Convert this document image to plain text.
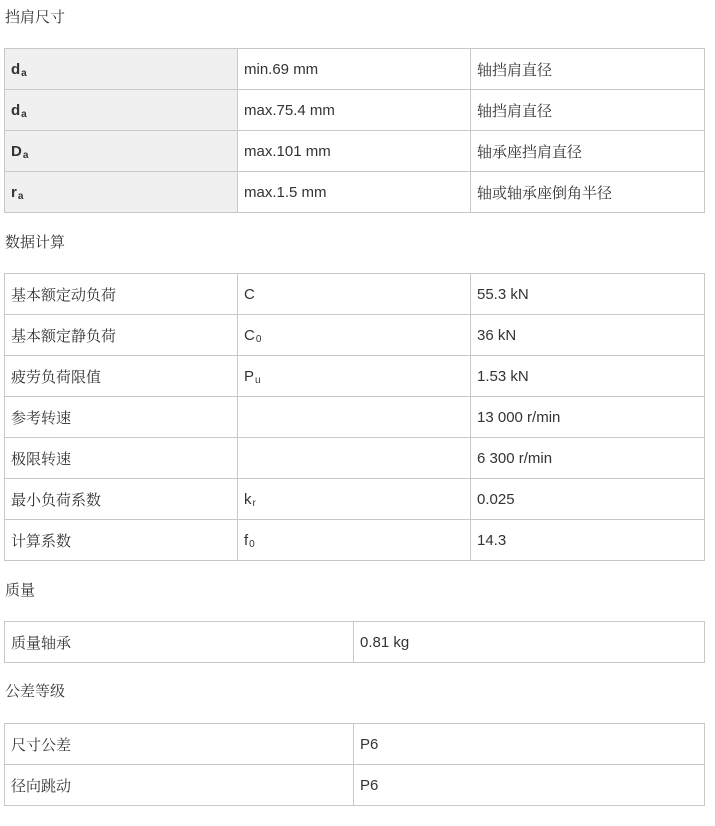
挡肩尺寸
da	min.69 mm	轴挡肩直径
da	max.75.4 mm	轴挡肩直径
Da	max.101 mm	轴承座挡肩直径
ra	max.1.5 mm	轴或轴承座倒角半径
数据计算
基本额定动负荷	C	55.3 kN
基本额定静负荷	C0	36 kN
疲劳负荷限值	Pu	1.53 kN
参考转速		13 000 r/min
极限转速		6 300 r/min
最小负荷系数	kr	0.025
计算系数	f0	14.3
质量
质量轴承	0.81 kg
公差等级
尺寸公差	P6
径向跳动	P6
